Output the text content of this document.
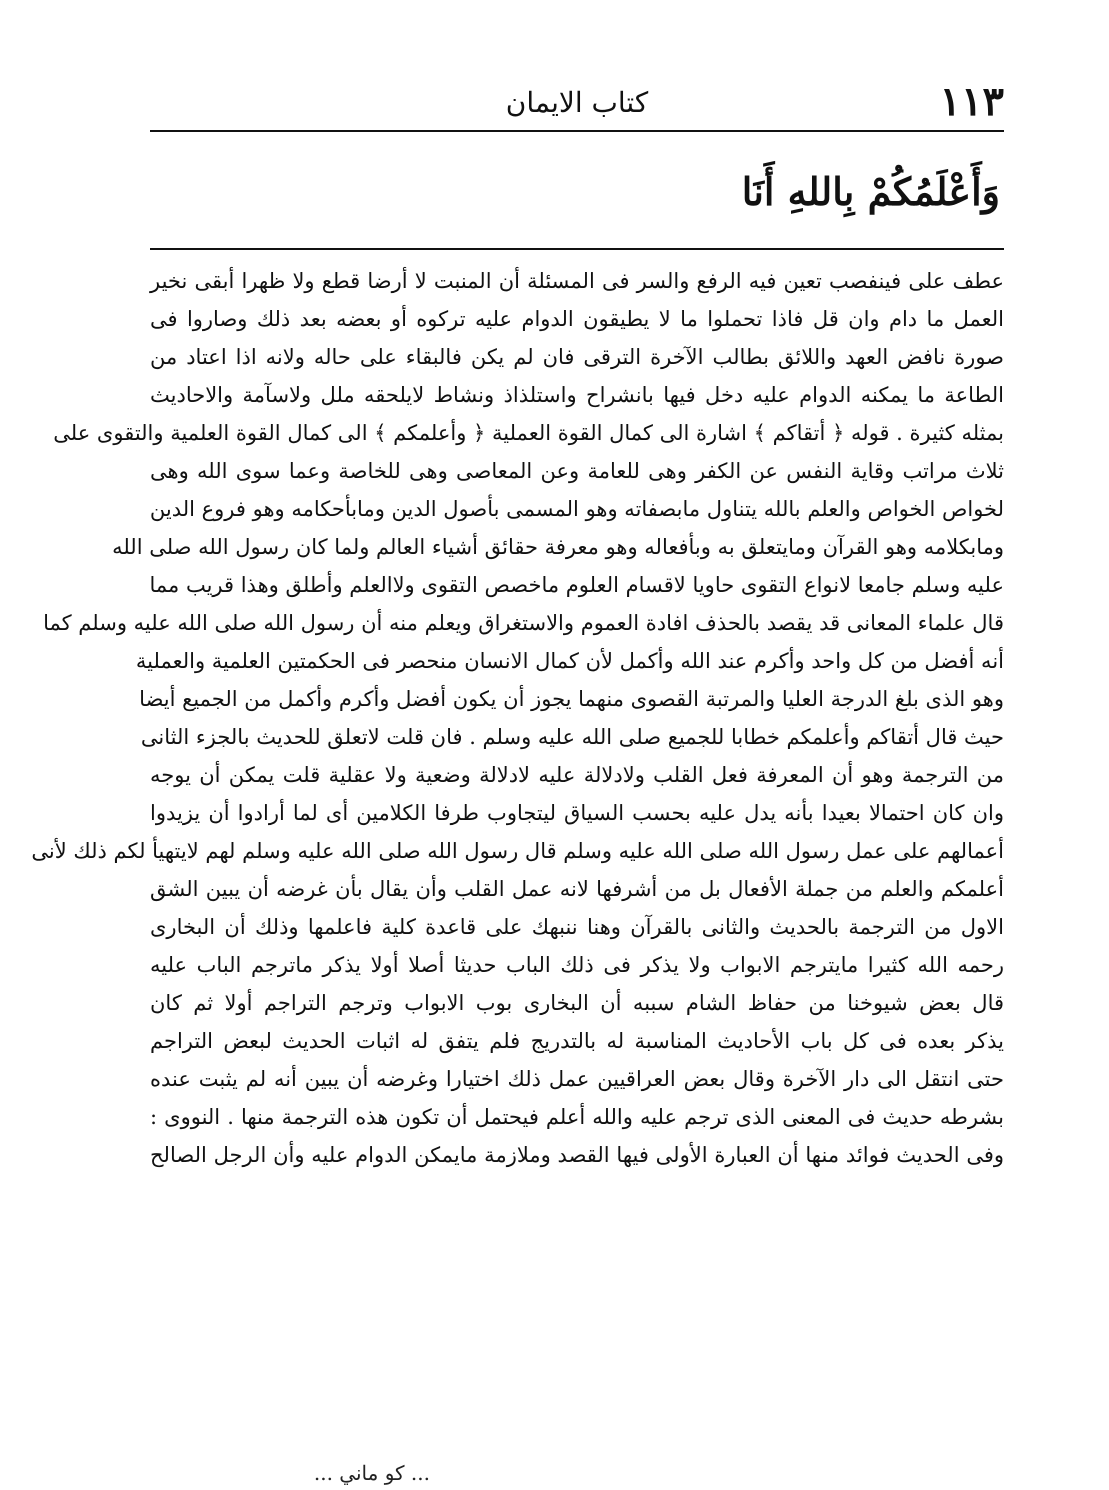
كتاب الايمان	١١٣
وَأَعْلَمُكُمْ بِاللهِ أَنَا
عطف على فينفصب تعين فيه الرفع والسر فى المسئلة أن المنبت لا أرضا قطع ولا ظهرا أبقى نخير
العمل ما دام وان قل فاذا تحملوا ما لا يطيقون الدوام عليه تركوه أو بعضه بعد ذلك وصاروا فى
صورة نافض العهد واللائق بطالب الآخرة الترقى فان لم يكن فالبقاء على حاله ولانه اذا اعتاد من
الطاعة ما يمكنه الدوام عليه دخل فيها بانشراح واستلذاذ ونشاط لايلحقه ملل ولاسآمة والاحاديث
بمثله كثيرة . قوله ﴿ أتقاكم ﴾ اشارة الى كمال القوة العملية ﴿ وأعلمكم ﴾ الى كمال القوة العلمية والتقوى على
ثلاث مراتب وقاية النفس عن الكفر وهى للعامة وعن المعاصى وهى للخاصة وعما سوى الله وهى
لخواص الخواص والعلم بالله يتناول مابصفاته وهو المسمى بأصول الدين ومابأحكامه وهو فروع الدين
ومابكلامه وهو القرآن ومايتعلق به وبأفعاله وهو معرفة حقائق أشياء العالم ولما كان رسول الله صلى الله
عليه وسلم جامعا لانواع التقوى حاويا لاقسام العلوم ماخصص التقوى ولاالعلم وأطلق وهذا قريب مما
قال علماء المعانى قد يقصد بالحذف افادة العموم والاستغراق ويعلم منه أن رسول الله صلى الله عليه وسلم كما
أنه أفضل من كل واحد وأكرم عند الله وأكمل لأن كمال الانسان منحصر فى الحكمتين العلمية والعملية
وهو الذى بلغ الدرجة العليا والمرتبة القصوى منهما يجوز أن يكون أفضل وأكرم وأكمل من الجميع أيضا
حيث قال أتقاكم وأعلمكم خطابا للجميع صلى الله عليه وسلم . فان قلت لاتعلق للحديث بالجزء الثانى
من الترجمة وهو أن المعرفة فعل القلب ولادلالة عليه لادلالة وضعية ولا عقلية قلت يمكن أن يوجه
وان كان احتمالا بعيدا بأنه يدل عليه بحسب السياق ليتجاوب طرفا الكلامين أى لما أرادوا أن يزيدوا
أعمالهم على عمل رسول الله صلى الله عليه وسلم قال رسول الله صلى الله عليه وسلم لهم لايتهيأ لكم ذلك لأنى
أعلمكم والعلم من جملة الأفعال بل من أشرفها لانه عمل القلب وأن يقال بأن غرضه أن يبين الشق
الاول من الترجمة بالحديث والثانى بالقرآن وهنا ننبهك على قاعدة كلية فاعلمها وذلك أن البخارى
رحمه الله كثيرا مايترجم الابواب ولا يذكر فى ذلك الباب حديثا أصلا أولا يذكر ماترجم الباب عليه
قال بعض شيوخنا من حفاظ الشام سببه أن البخارى بوب الابواب وترجم التراجم أولا ثم كان
يذكر بعده فى كل باب الأحاديث المناسبة له بالتدريج فلم يتفق له اثبات الحديث لبعض التراجم
حتى انتقل الى دار الآخرة وقال بعض العراقيين عمل ذلك اختيارا وغرضه أن يبين أنه لم يثبت عنده
بشرطه حديث فى المعنى الذى ترجم عليه والله أعلم فيحتمل أن تكون هذه الترجمة منها . النووى :
وفى الحديث فوائد منها أن العبارة الأولى فيها القصد وملازمة مايمكن الدوام عليه وأن الرجل الصالح
... كو ماني ...
